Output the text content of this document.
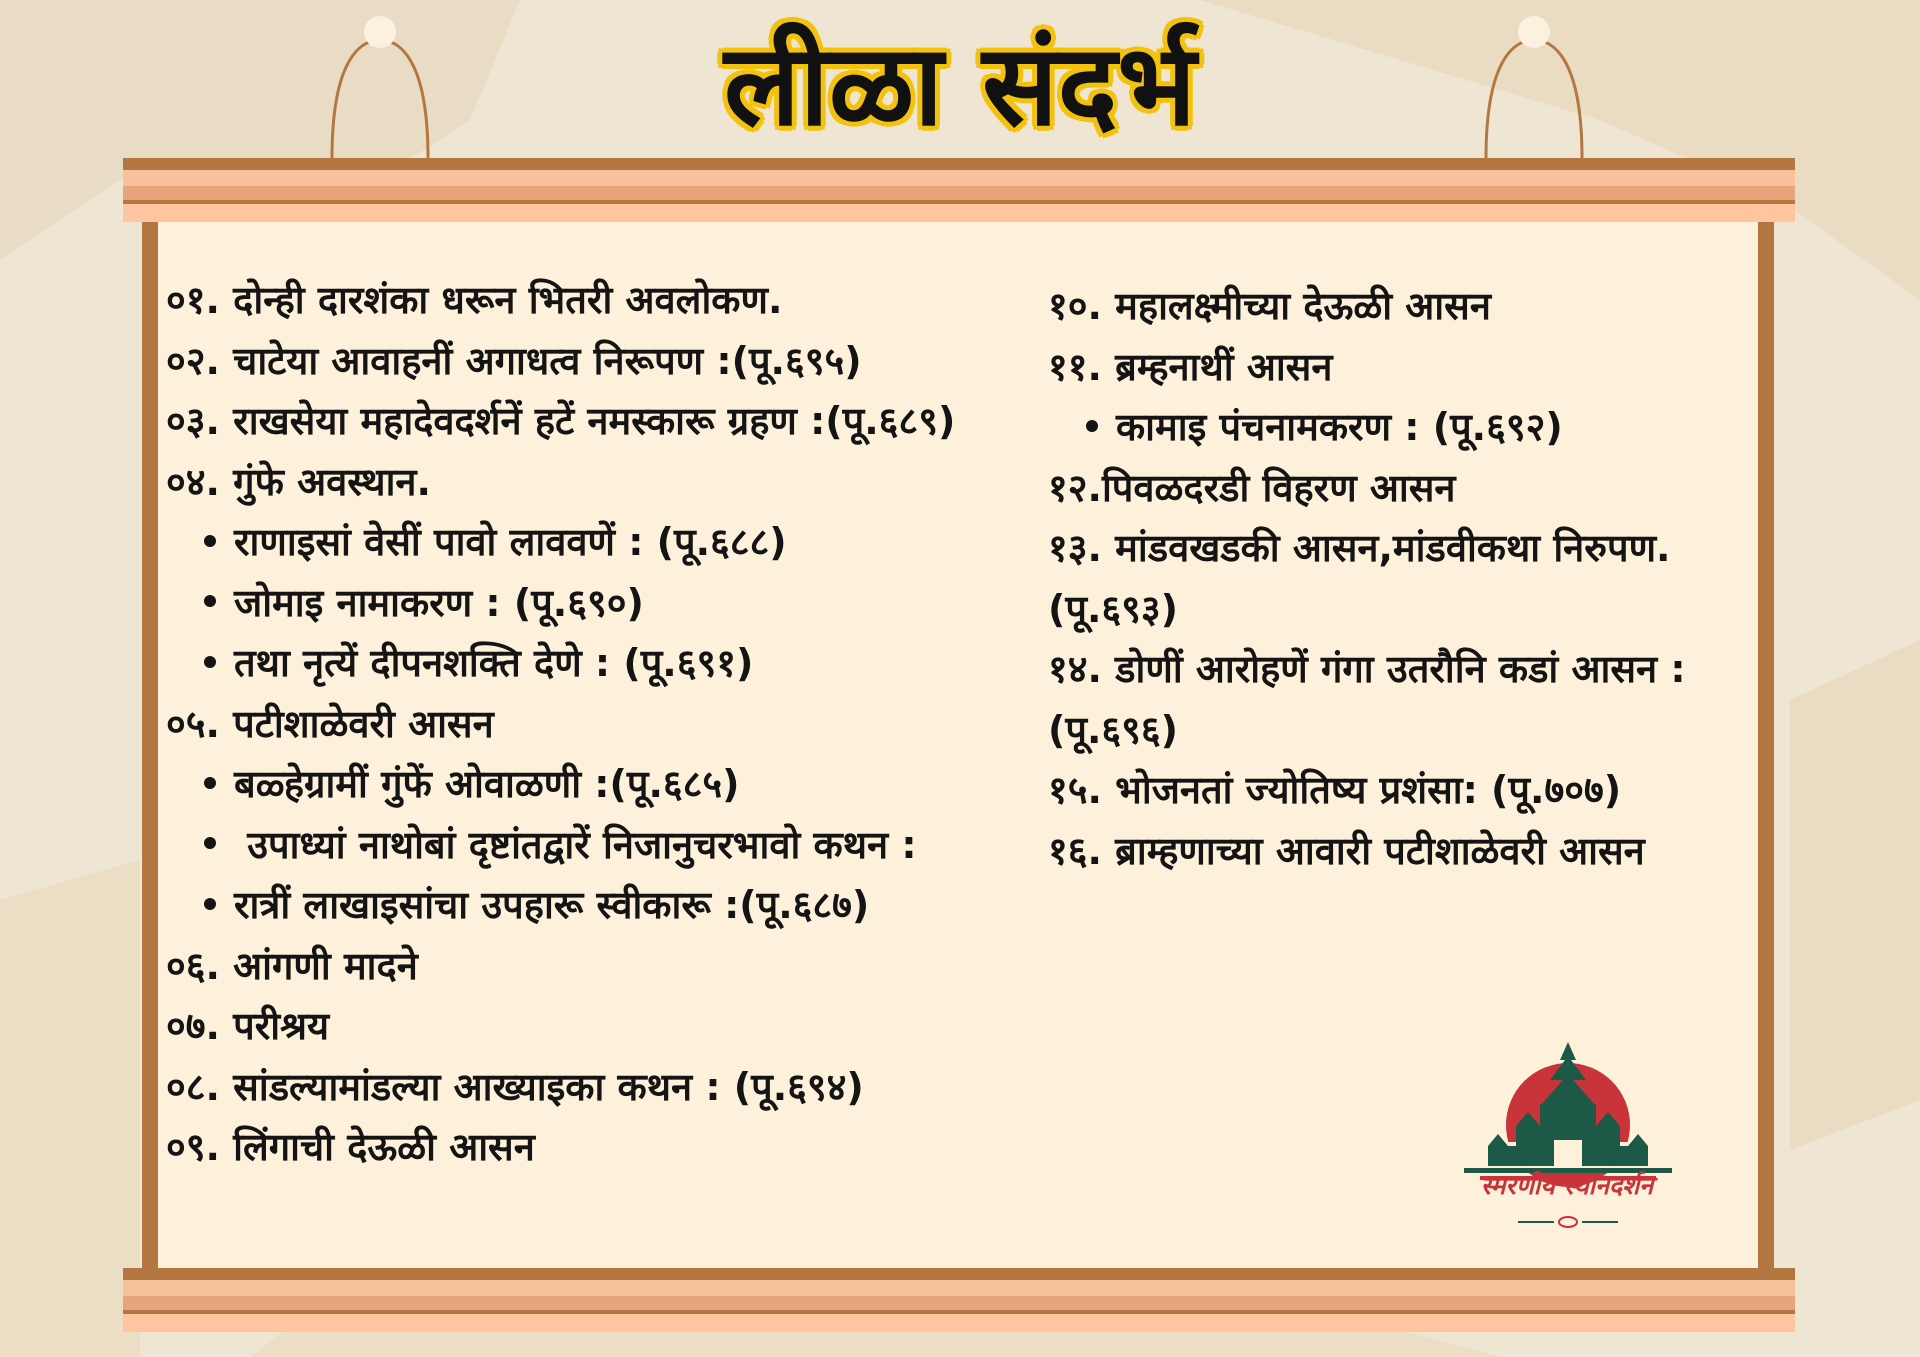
लीळा संदर्भ
०१. दोन्ही दारशंका धरून भितरी अवलोकण.
०२. चाटेया आवाहनीं अगाधत्व निरूपण :(पू.६९५)
०३. राखसेया महादेवदर्शनें हटें नमस्कारू ग्रहण :(पू.६८९)
०४. गुंफे अवस्थान.
राणाइसां वेसीं पावो लाववणें : (पू.६८८)
जोमाइ नामाकरण : (पू.६९०)
तथा नृत्यें दीपनशक्ति देणे : (पू.६९१)
०५. पटीशाळेवरी आसन
बळ्हेग्रामीं गुंफें ओवाळणी :(पू.६८५)
उपाध्यां नाथोबां दृष्टांतद्वारें निजानुचरभावो कथन :
रात्रीं लाखाइसांचा उपहारू स्वीकारू :(पू.६८७)
०६. आंगणी मादने
०७. परीश्रय
०८. सांडल्यामांडल्या आख्याइका कथन : (पू.६९४)
०९. लिंगाची देऊळी आसन
१०. महालक्ष्मीच्या देऊळी आसन
११. ब्रम्हनाथीं आसन
कामाइ पंचनामकरण : (पू.६९२)
१२.पिवळदरडी विहरण आसन
१३. मांडवखडकी आसन,मांडवीकथा निरुपण.
(पू.६९३)
१४. डोणीं आरोहणें गंगा उतरौनि कडां आसन :
(पू.६९६)
१५. भोजनतां ज्योतिष्य प्रशंसा: (पू.७०७)
१६. ब्राम्हणाच्या आवारी पटीशाळेवरी आसन
स्मरणीय स्थानदर्शन
